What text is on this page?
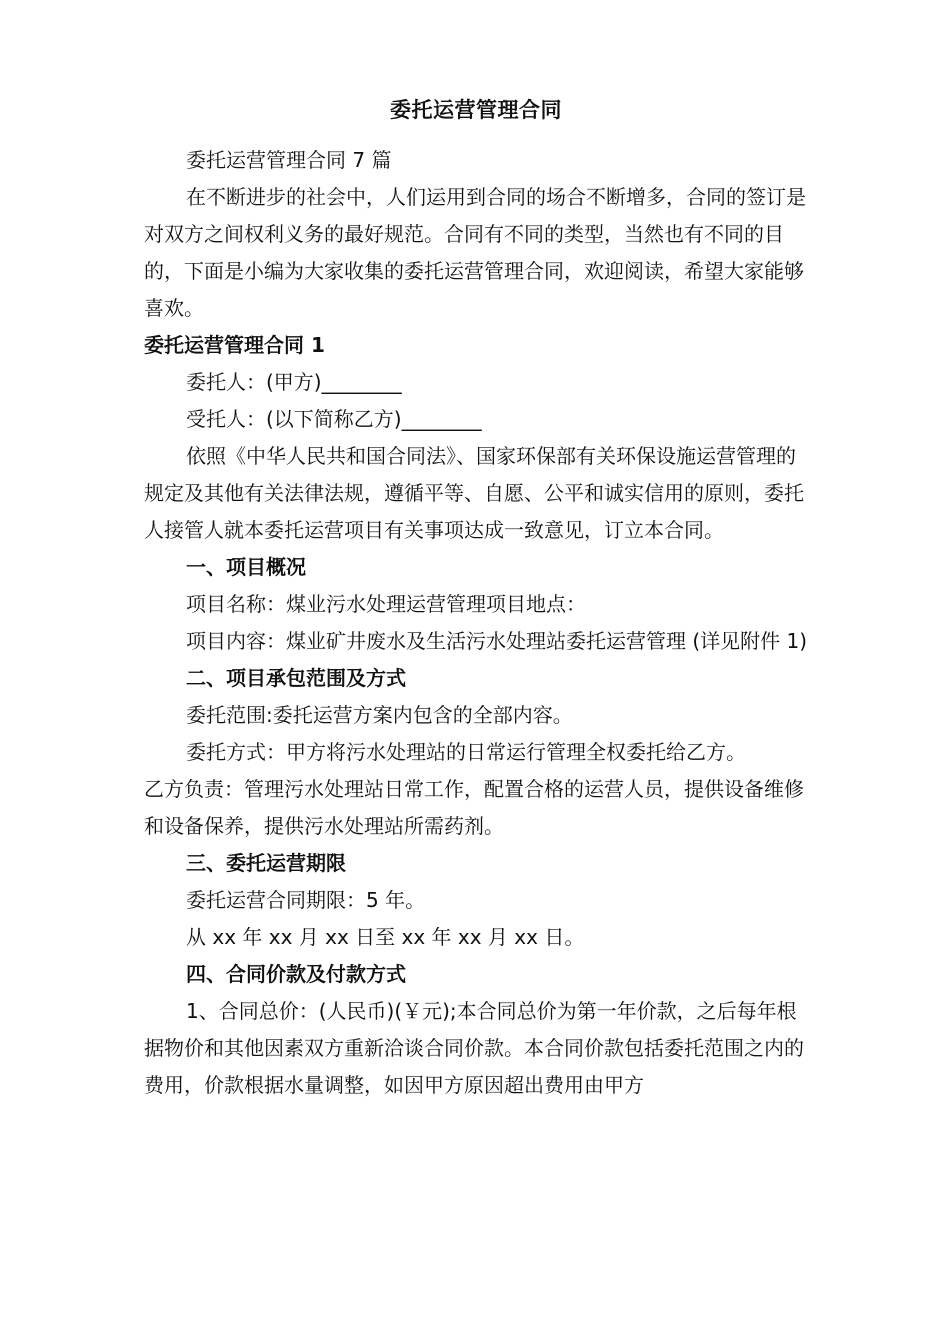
委托运营管理合同

委托运营管理合同 7 篇

在不断进步的社会中，人们运用到合同的场合不断增多，合同的签订是对双方之间权利义务的最好规范。合同有不同的类型，当然也有不同的目的，下面是小编为大家收集的委托运营管理合同，欢迎阅读，希望大家能够喜欢。

委托运营管理合同 1

委托人：(甲方)________

受托人：(以下简称乙方)________

依照《中华人民共和国合同法》、国家环保部有关环保设施运营管理的规定及其他有关法律法规，遵循平等、自愿、公平和诚实信用的原则，委托人接管人就本委托运营项目有关事项达成一致意见，订立本合同。

一、项目概况

项目名称：煤业污水处理运营管理项目地点：

项目内容：煤业矿井废水及生活污水处理站委托运营管理 (详见附件 1)

二、项目承包范围及方式

委托范围:委托运营方案内包含的全部内容。

委托方式：甲方将污水处理站的日常运行管理全权委托给乙方。

乙方负责：管理污水处理站日常工作，配置合格的运营人员，提供设备维修和设备保养，提供污水处理站所需药剂。

三、委托运营期限

委托运营合同期限：5 年。

从 xx 年 xx 月 xx 日至 xx 年 xx 月 xx 日。

四、合同价款及付款方式

1、合同总价：(人民币)(￥元);本合同总价为第一年价款，之后每年根据物价和其他因素双方重新洽谈合同价款。本合同价款包括委托范围之内的费用，价款根据水量调整，如因甲方原因超出费用由甲方
